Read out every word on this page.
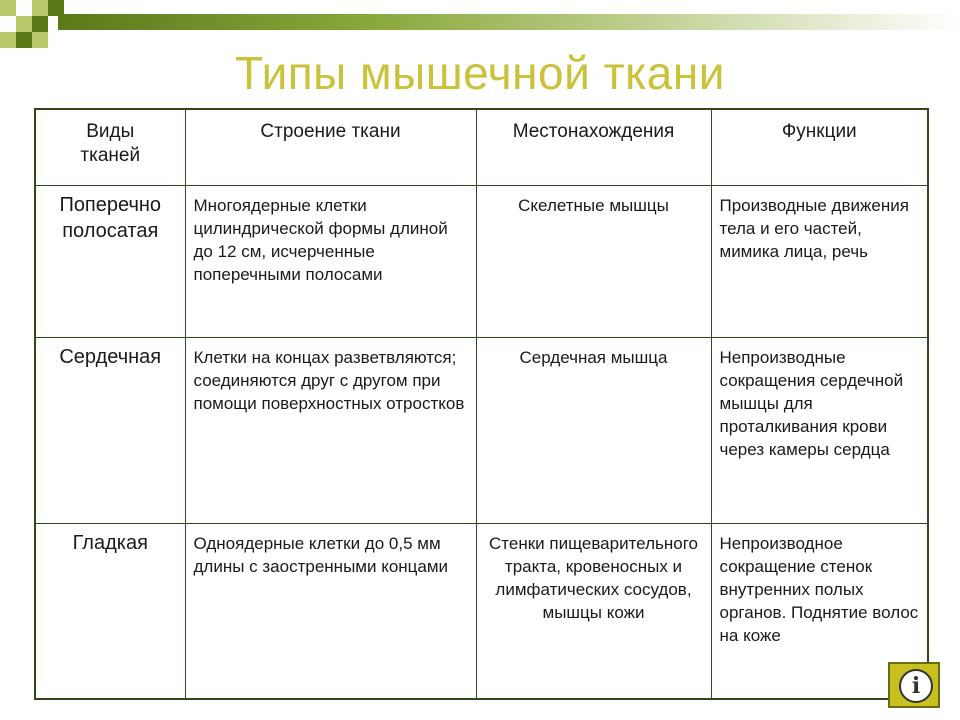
Типы мышечной ткани
Виды тканей	Строение ткани	Местонахождения	Функции
Поперечно полосатая	Многоядерные клетки цилиндрической формы длиной до 12 см, исчерченные поперечными полосами	Скелетные мышцы	Производные движения тела и его частей, мимика лица, речь
Сердечная	Клетки на концах разветвляются; соединяются друг с другом при помощи поверхностных отростков	Сердечная мышца	Непроизводные сокращения сердечной мышцы для проталкивания крови через камеры сердца
Гладкая	Одноядерные клетки до 0,5 мм длины с заостренными концами	Стенки пищеварительного тракта, кровеносных и лимфатических сосудов, мышцы кожи	Непроизводное сокращение стенок внутренних полых органов. Поднятие волос на коже
i
